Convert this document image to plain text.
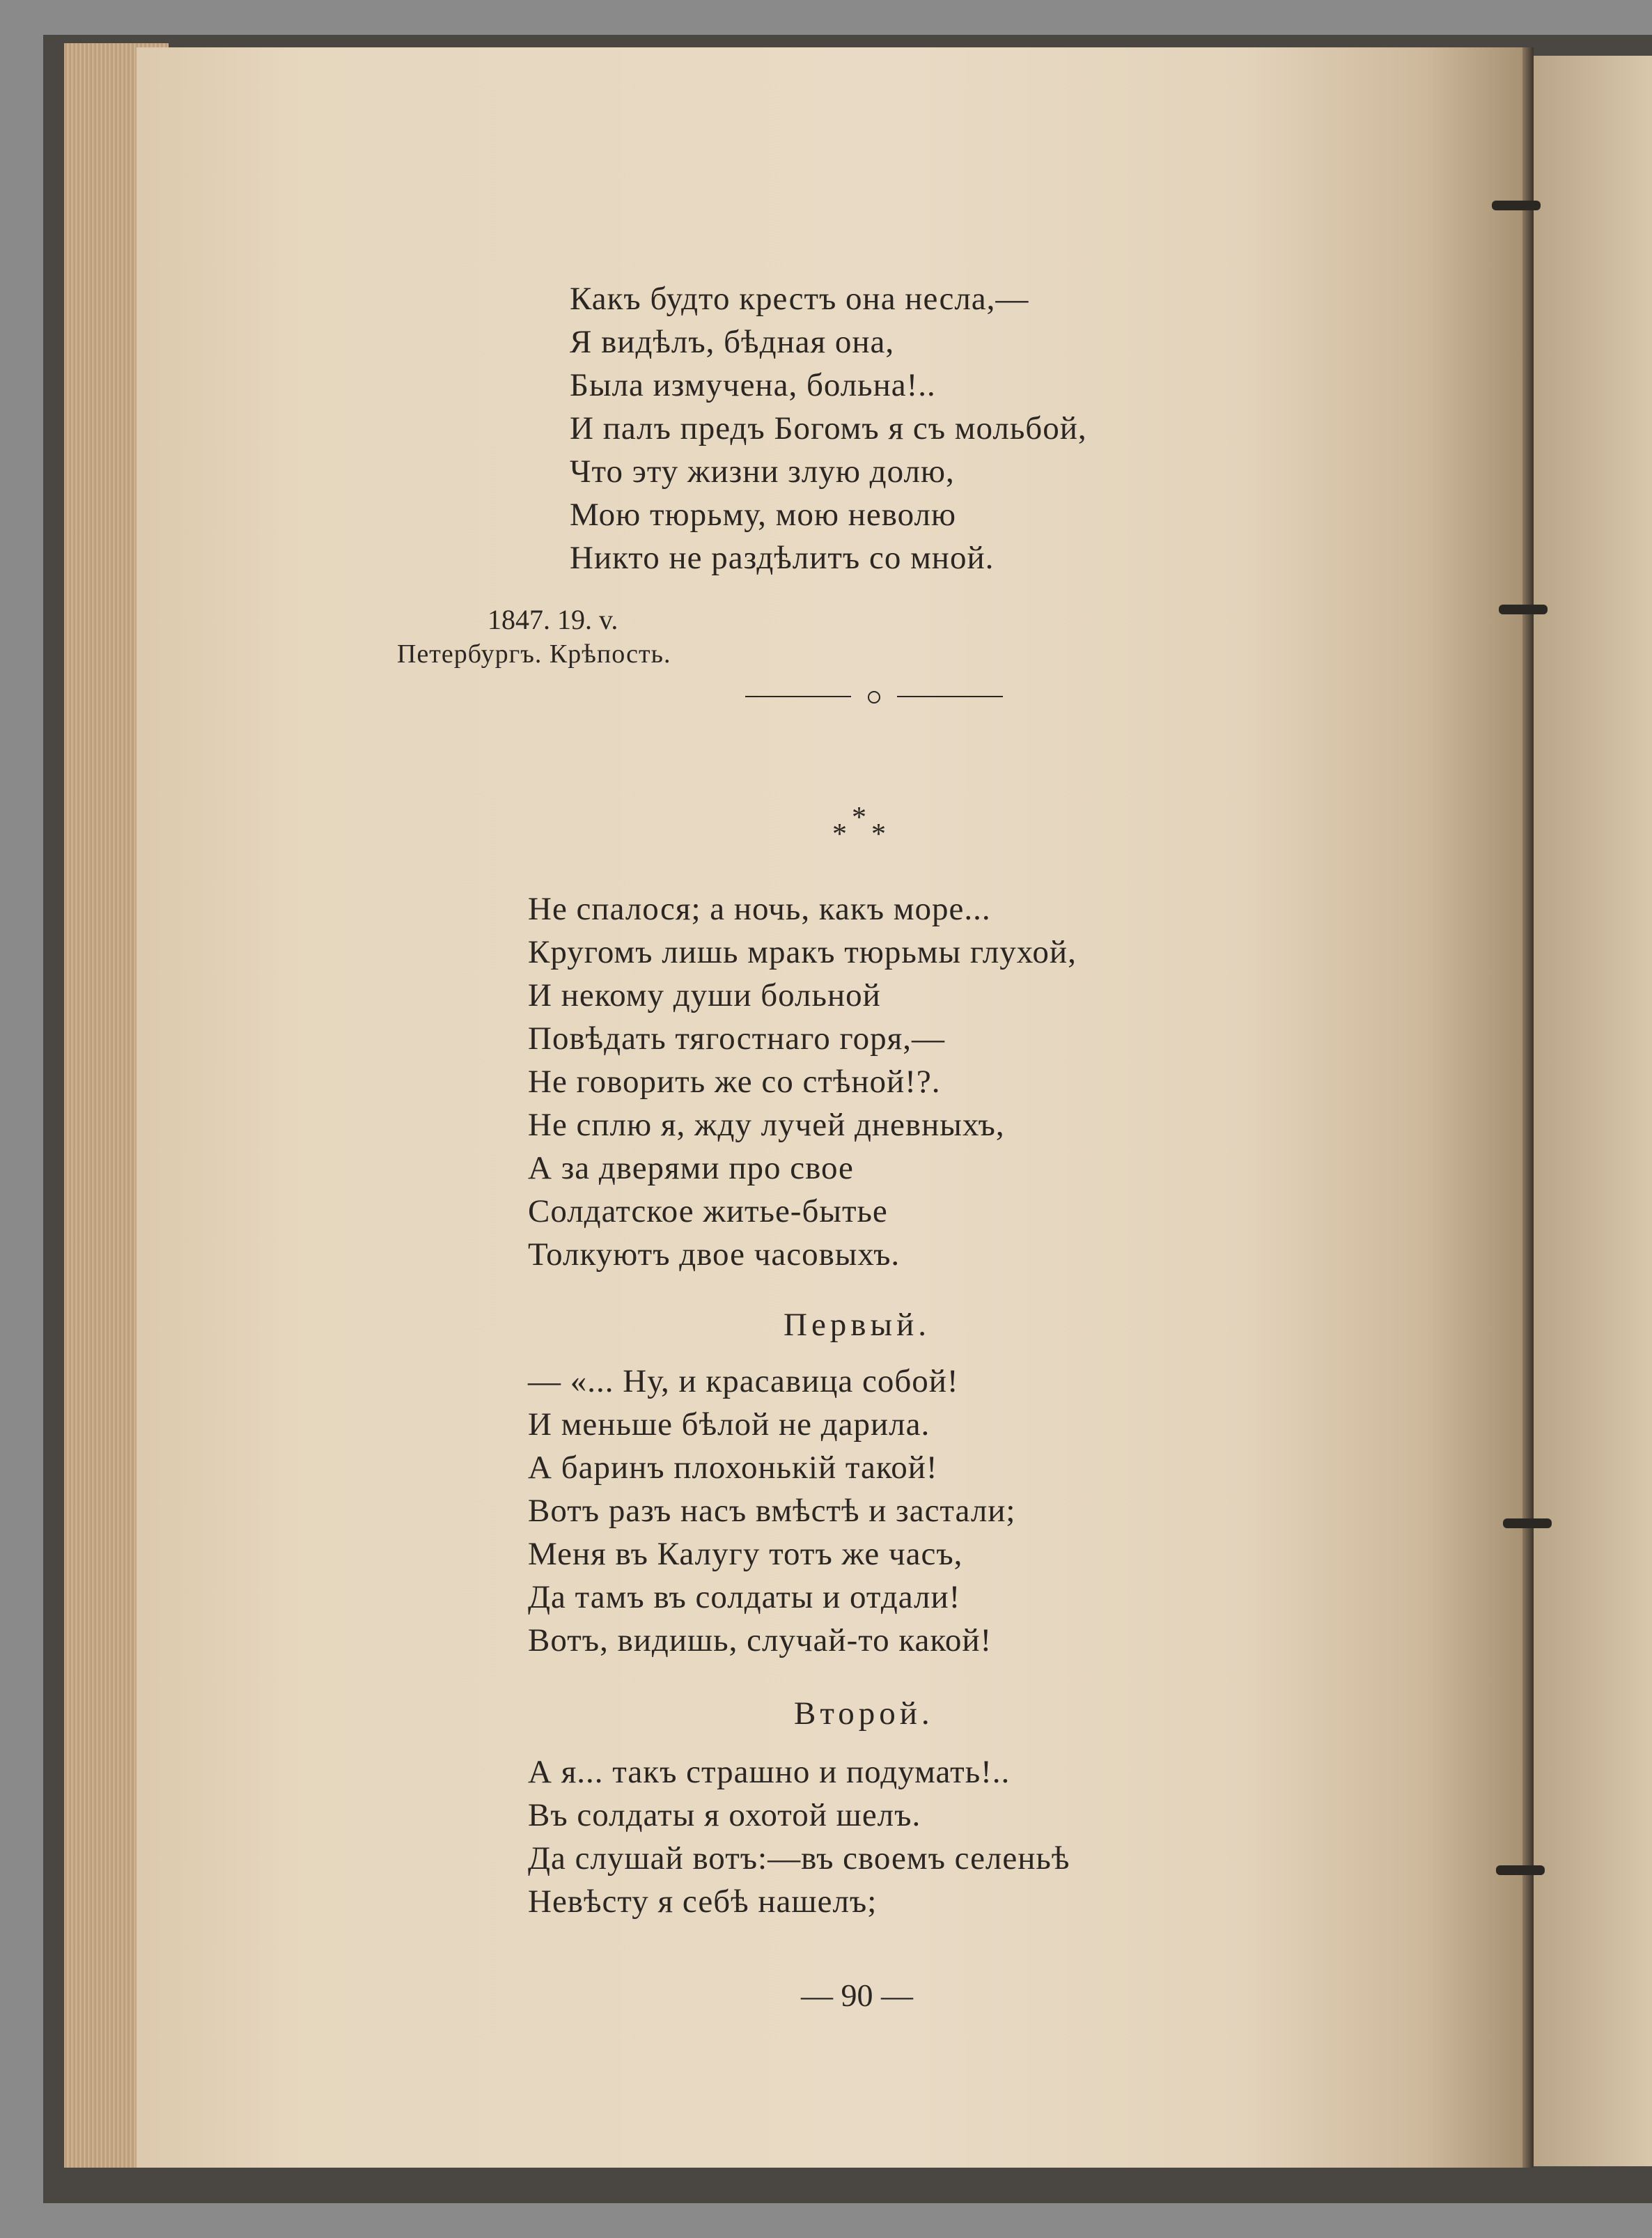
Какъ будто крестъ она несла,—
Я видѣлъ, бѣдная она,
Была измучена, больна!..
И палъ предъ Богомъ я съ мольбой,
Что эту жизни злую долю,
Мою тюрьму, мою неволю
Никто не раздѣлитъ со мной.
1847. 19. v.
Петербургъ. Крѣпость.
*
* *
Не спалося; а ночь, какъ море...
Кругомъ лишь мракъ тюрьмы глухой,
И некому души больной
Повѣдать тягостнаго горя,—
Не говорить же со стѣной!?.
Не сплю я, жду лучей дневныхъ,
А за дверями про свое
Солдатское житье-бытье
Толкуютъ двое часовыхъ.
Первый.
— «... Ну, и красавица собой!
И меньше бѣлой не дарила.
А баринъ плохонькій такой!
Вотъ разъ насъ вмѣстѣ и застали;
Меня въ Калугу тотъ же часъ,
Да тамъ въ солдаты и отдали!
Вотъ, видишь, случай-то какой!
Второй.
А я... такъ страшно и подумать!..
Въ солдаты я охотой шелъ.
Да слушай вотъ:—въ своемъ селеньѣ
Невѣсту я себѣ нашелъ;
— 90 —
